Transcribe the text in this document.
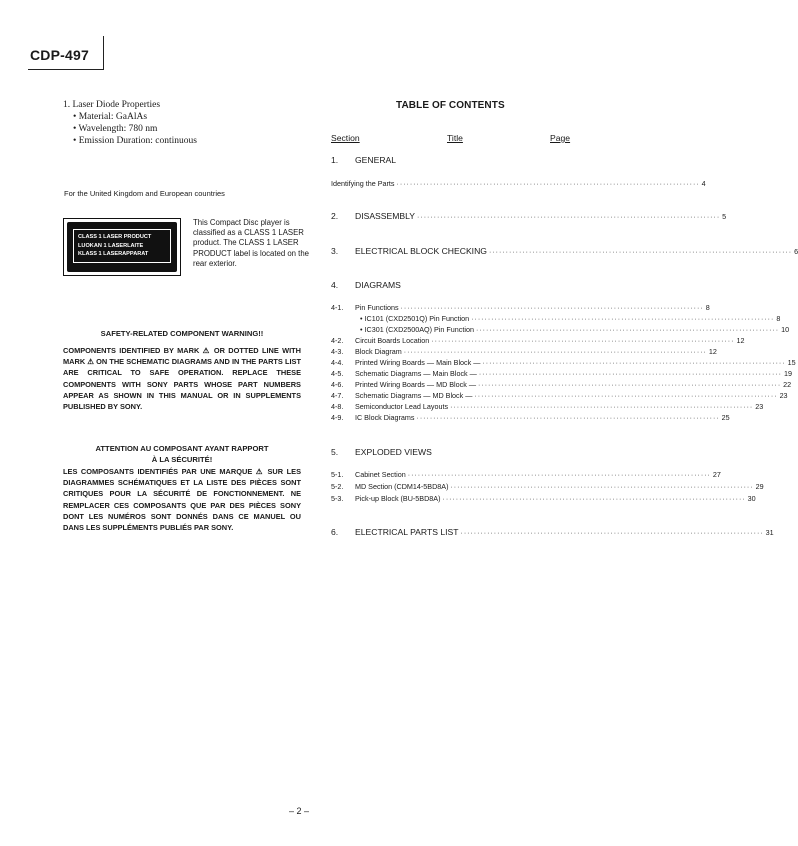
CDP-497
1. Laser Diode Properties
• Material: GaAlAs
• Wavelength: 780 nm
• Emission Duration: continuous
For the United Kingdom and European countries
CLASS 1 LASER PRODUCT
LUOKAN 1 LASERLAITE
KLASS 1 LASERAPPARAT
This Compact Disc player is classified as a CLASS 1 LASER product. The CLASS 1 LASER PRODUCT label is located on the rear exterior.
SAFETY-RELATED COMPONENT WARNING!!
COMPONENTS IDENTIFIED BY MARK ⚠ OR DOTTED LINE WITH MARK ⚠ ON THE SCHEMATIC DIAGRAMS AND IN THE PARTS LIST ARE CRITICAL TO SAFE OPERATION. REPLACE THESE COMPONENTS WITH SONY PARTS WHOSE PART NUMBERS APPEAR AS SHOWN IN THIS MANUAL OR IN SUPPLEMENTS PUBLISHED BY SONY.
ATTENTION AU COMPOSANT AYANT RAPPORT
À LA SÉCURITÉ!
LES COMPOSANTS IDENTIFIÉS PAR UNE MARQUE ⚠ SUR LES DIAGRAMMES SCHÉMATIQUES ET LA LISTE DES PIÈCES SONT CRITIQUES POUR LA SÉCURITÉ DE FONCTIONNEMENT. NE REMPLACER CES COMPOSANTS QUE PAR DES PIÈCES SONY DONT LES NUMÉROS SONT DONNÉS DANS CE MANUEL OU DANS LES SUPPLÉMENTS PUBLIÉS PAR SONY.
TABLE OF CONTENTS
Section	Title	Page
1. GENERAL
Identifying the Parts ··························································································· 4
2. DISASSEMBLY ··························································································· 5
3. ELECTRICAL BLOCK CHECKING ··························································································· 6
4. DIAGRAMS
4-1. Pin Functions ··························································································· 8
• IC101 (CXD2501Q) Pin Function ··························································································· 8
• IC301 (CXD2500AQ) Pin Function ··························································································· 10
4-2. Circuit Boards Location ··························································································· 12
4-3. Block Diagram ··························································································· 12
4-4. Printed Wiring Boards — Main Block — ··························································································· 15
4-5. Schematic Diagrams — Main Block — ··························································································· 19
4-6. Printed Wiring Boards — MD Block — ··························································································· 22
4-7. Schematic Diagrams — MD Block — ··························································································· 23
4-8. Semiconductor Lead Layouts ··························································································· 23
4-9. IC Block Diagrams ··························································································· 25
5. EXPLODED VIEWS
5-1. Cabinet Section ··························································································· 27
5-2. MD Section (CDM14-5BD8A) ··························································································· 29
5-3. Pick-up Block (BU-5BD8A) ··························································································· 30
6. ELECTRICAL PARTS LIST ··························································································· 31
– 2 –
